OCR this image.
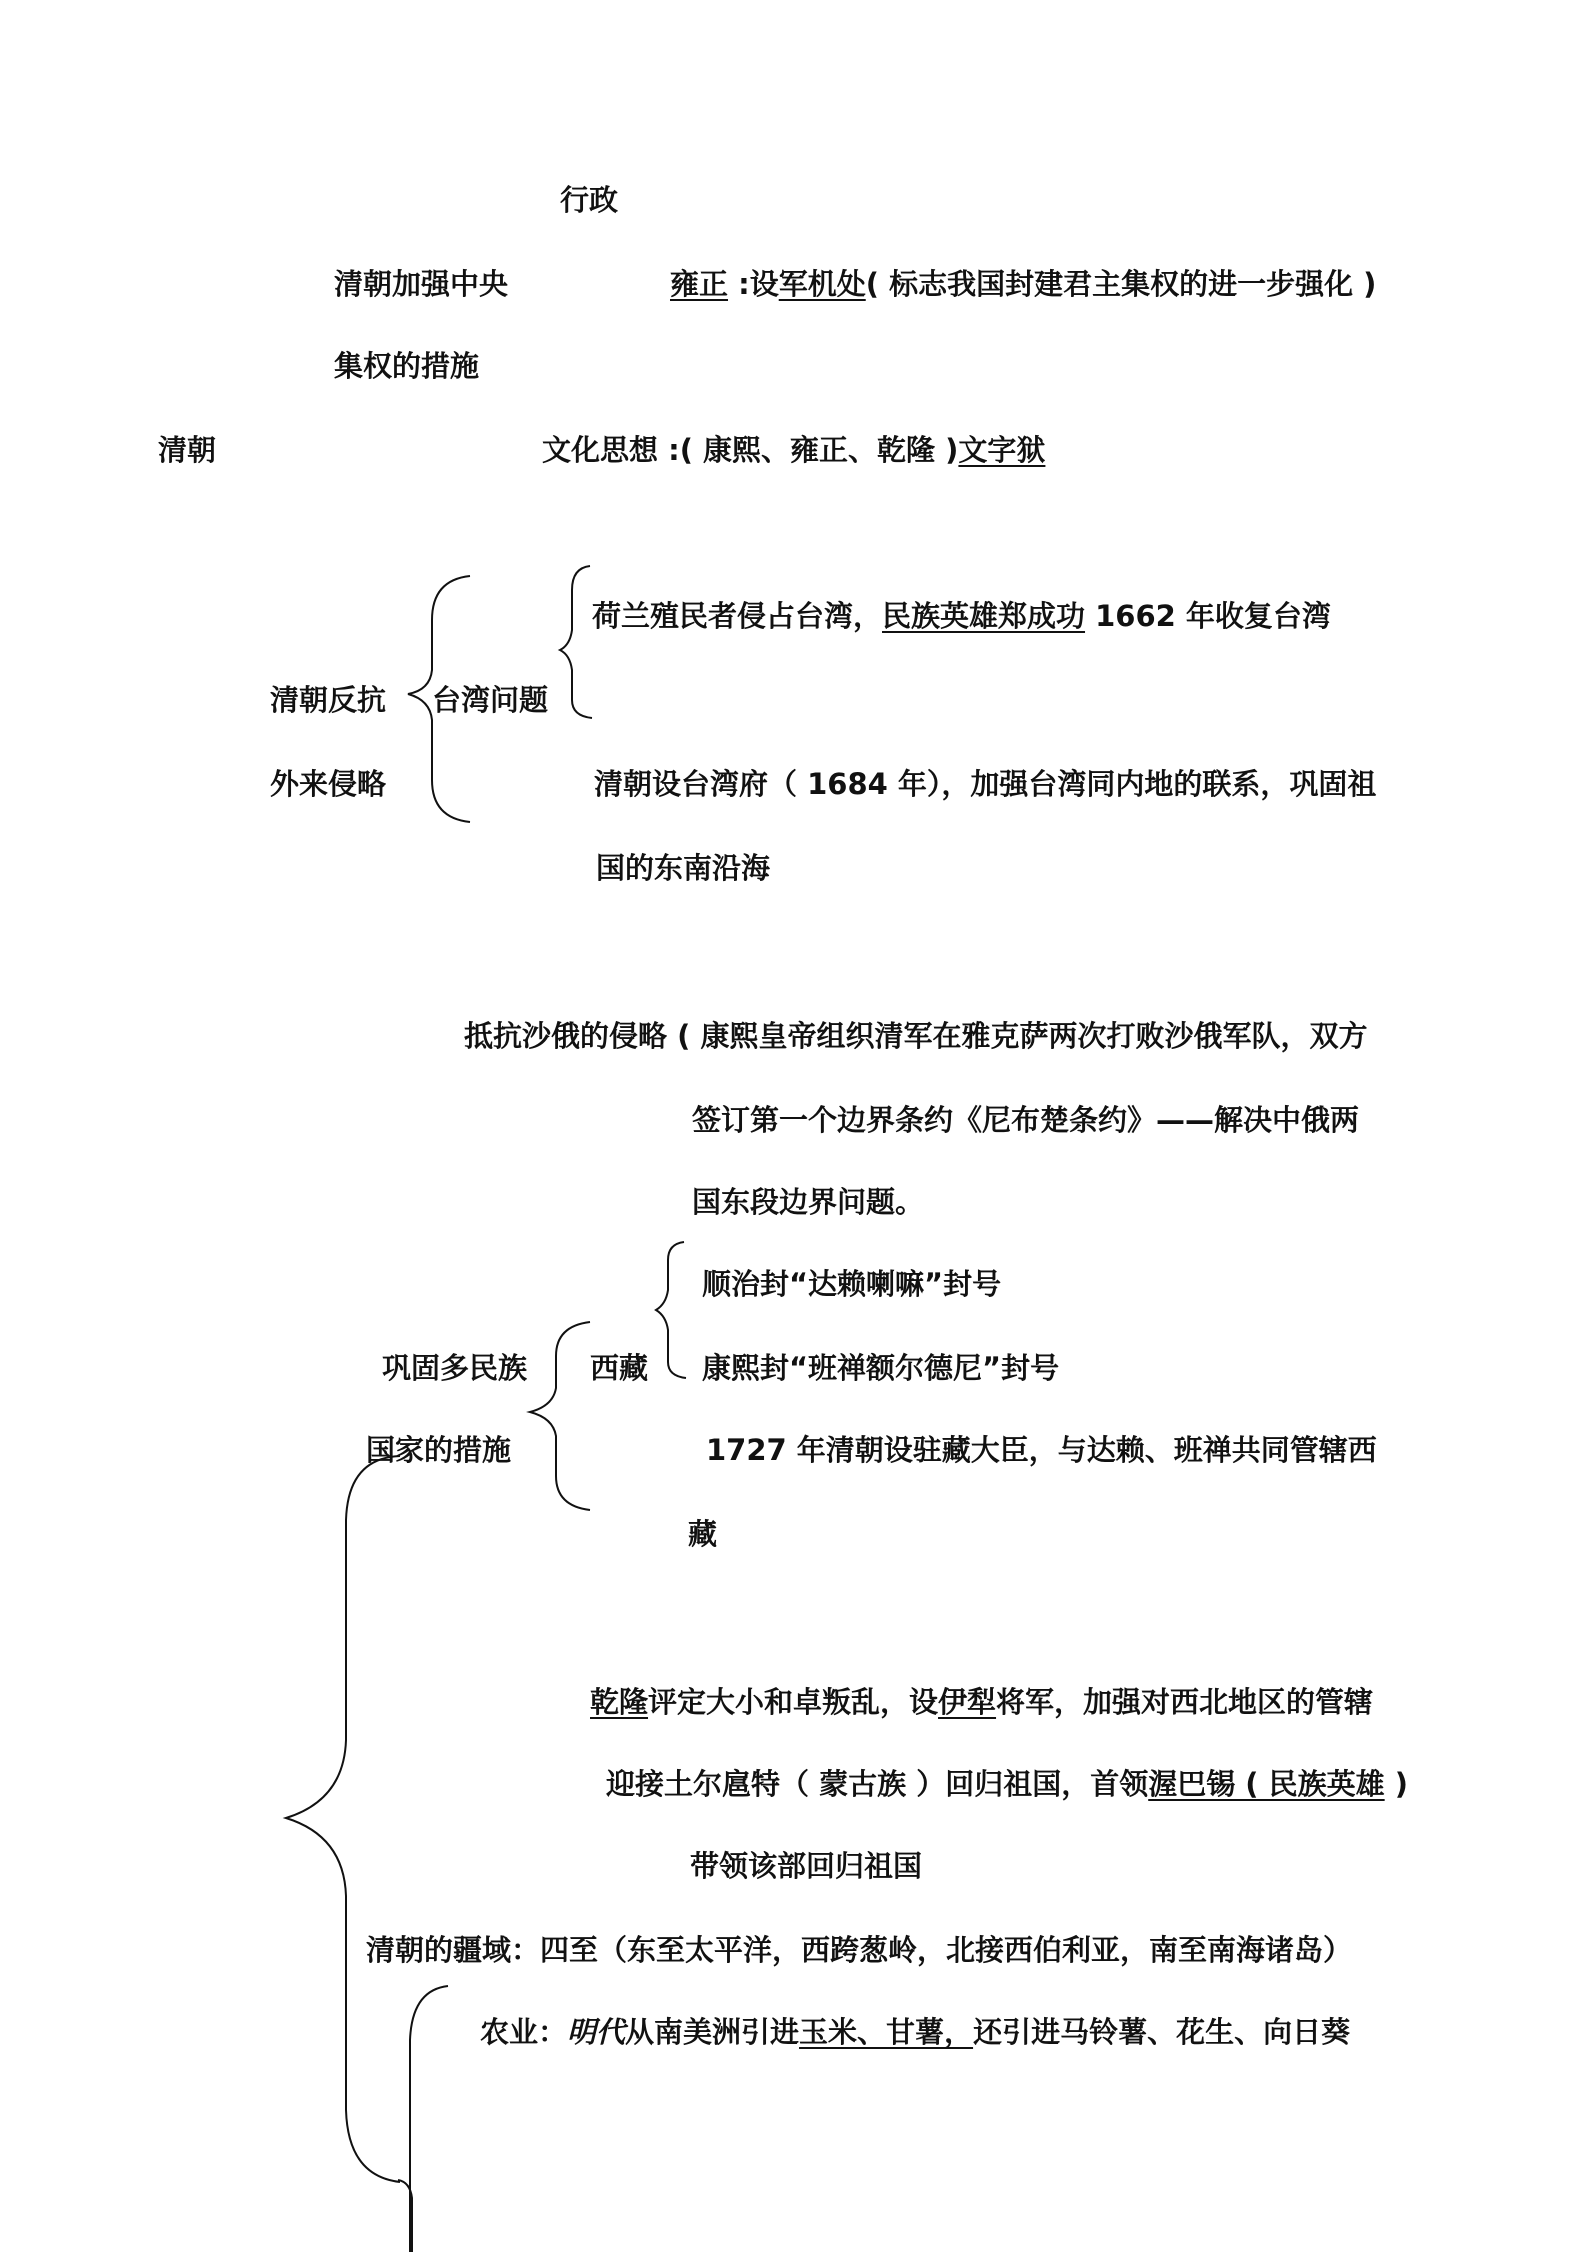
行政
清朝加强中央
集权的措施
雍正 :设军机处( 标志我国封建君主集权的进一步强化 )
清朝	文化思想 :( 康熙、雍正、乾隆 )文字狱
清朝反抗
外来侵略
台湾问题
荷兰殖民者侵占台湾，民族英雄郑成功 1662 年收复台湾
清朝设台湾府（ 1684 年），加强台湾同内地的联系，巩固祖
国的东南沿海
抵抗沙俄的侵略 ( 康熙皇帝组织清军在雅克萨两次打败沙俄军队，双方
签订第一个边界条约《尼布楚条约》——解决中俄两
国东段边界问题。
顺治封“达赖喇嘛”封号
康熙封“班禅额尔德尼”封号
巩固多民族
国家的措施
西藏
1727 年清朝设驻藏大臣，与达赖、班禅共同管辖西
藏
乾隆评定大小和卓叛乱，设伊犁将军，加强对西北地区的管辖
迎接土尔扈特（ 蒙古族 ）回归祖国，首领渥巴锡 ( 民族英雄 )
带领该部回归祖国
清朝的疆域：四至（东至太平洋，西跨葱岭，北接西伯利亚，南至南海诸岛）
农业：明代从南美洲引进玉米、甘薯，还引进马铃薯、花生、向日葵
